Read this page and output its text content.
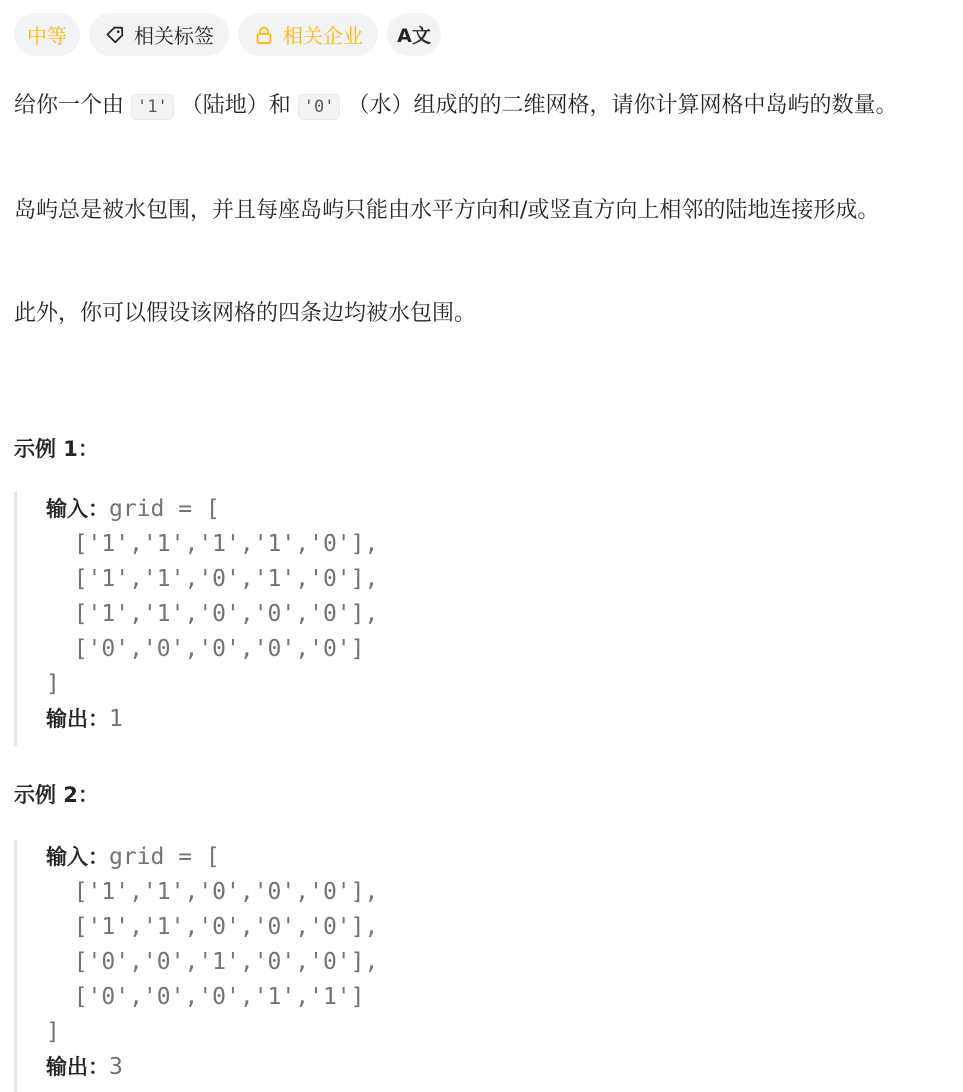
中等	相关标签	相关企业 A文
给你一个由 '1' （陆地）和 '0' （水）组成的的二维网格，请你计算网格中岛屿的数量。
岛屿总是被水包围，并且每座岛屿只能由水平方向和/或竖直方向上相邻的陆地连接形成。
此外，你可以假设该网格的四条边均被水包围。
示例 1：
输入：grid = [
['1','1','1','1','0'],
['1','1','0','1','0'],
['1','1','0','0','0'],
['0','0','0','0','0']
]
输出：1
示例 2：
输入：grid = [
['1','1','0','0','0'],
['1','1','0','0','0'],
['0','0','1','0','0'],
['0','0','0','1','1']
]
输出：3
